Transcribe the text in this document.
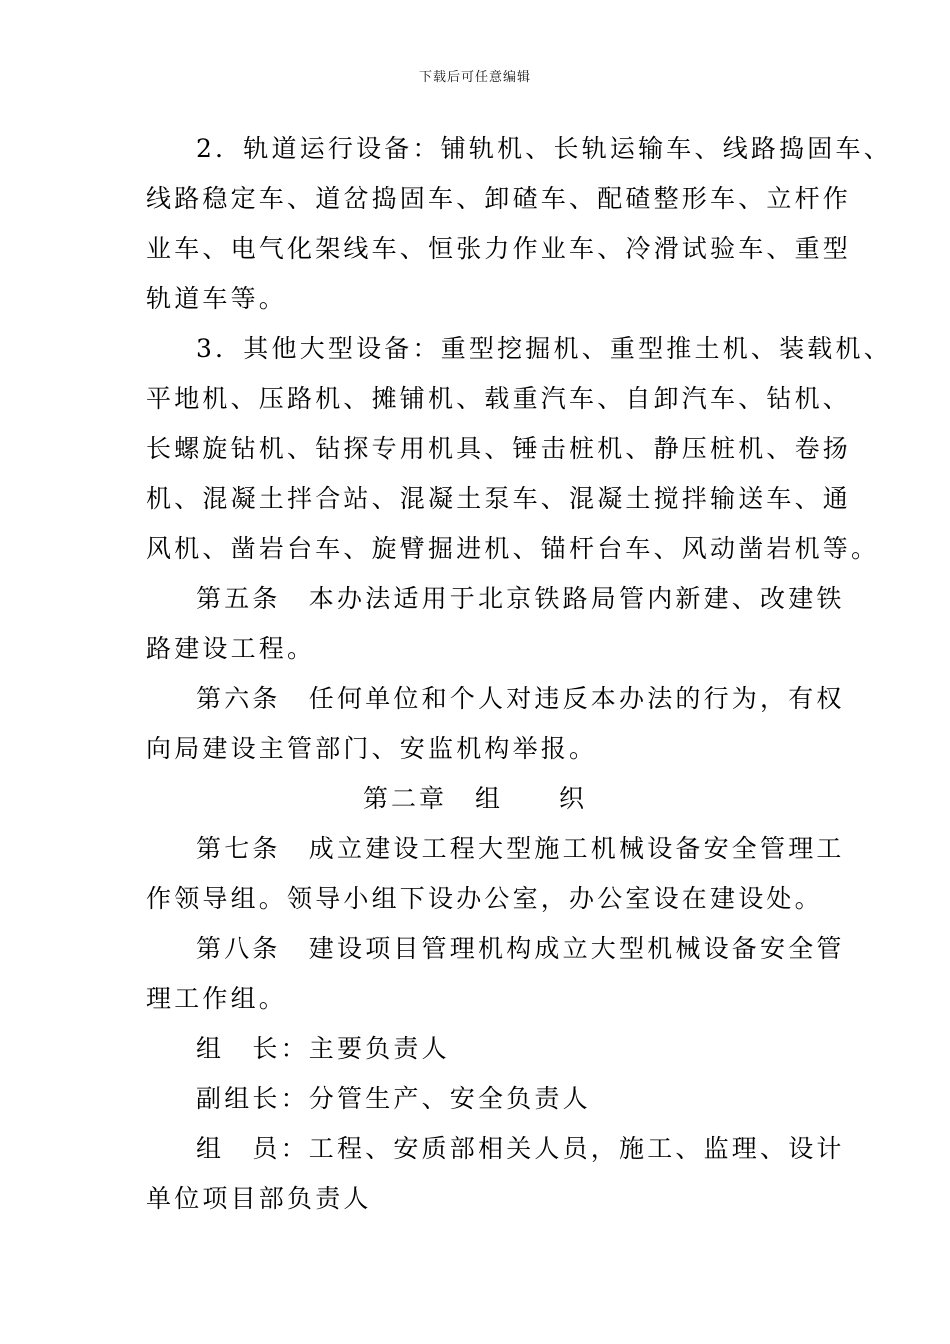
下载后可任意编辑
2．轨道运行设备：铺轨机、长轨运输车、线路捣固车、
线路稳定车、道岔捣固车、卸碴车、配碴整形车、立杆作
业车、电气化架线车、恒张力作业车、冷滑试验车、重型
轨道车等。
3．其他大型设备：重型挖掘机、重型推土机、装载机、
平地机、压路机、摊铺机、载重汽车、自卸汽车、钻机、
长螺旋钻机、钻探专用机具、锤击桩机、静压桩机、卷扬
机、混凝土拌合站、混凝土泵车、混凝土搅拌输送车、通
风机、凿岩台车、旋臂掘进机、锚杆台车、风动凿岩机等。
第五条　本办法适用于北京铁路局管内新建、改建铁
路建设工程。
第六条　任何单位和个人对违反本办法的行为，有权
向局建设主管部门、安监机构举报。
第二章　组　　织
第七条　成立建设工程大型施工机械设备安全管理工
作领导组。领导小组下设办公室，办公室设在建设处。
第八条　建设项目管理机构成立大型机械设备安全管
理工作组。
组　长：主要负责人
副组长：分管生产、安全负责人
组　员：工程、安质部相关人员，施工、监理、设计
单位项目部负责人
